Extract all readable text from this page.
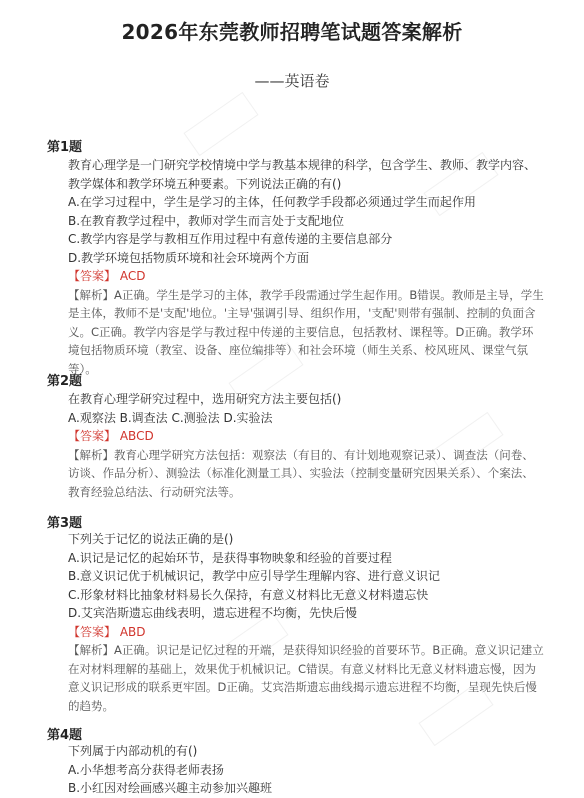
2026年东莞教师招聘笔试题答案解析
——英语卷
第1题

教育心理学是一门研究学校情境中学与教基本规律的科学，包含学生、教师、教学内容、教学媒体和教学环境五种要素。下列说法正确的有()

A.在学习过程中，学生是学习的主体，任何教学手段都必须通过学生而起作用
B.在教育教学过程中，教师对学生而言处于支配地位
C.教学内容是学与教相互作用过程中有意传递的主要信息部分
D.教学环境包括物质环境和社会环境两个方面

【答案】 ACD

【解析】A正确。学生是学习的主体，教学手段需通过学生起作用。B错误。教师是主导，学生是主体，教师不是'支配'地位。'主导'强调引导、组织作用，'支配'则带有强制、控制的负面含义。C正确。教学内容是学与教过程中传递的主要信息，包括教材、课程等。D正确。教学环境包括物质环境（教室、设备、座位编排等）和社会环境（师生关系、校风班风、课堂气氛等）。

第2题

在教育心理学研究过程中，选用研究方法主要包括()

A.观察法 B.调查法 C.测验法 D.实验法

【答案】 ABCD

【解析】教育心理学研究方法包括：观察法（有目的、有计划地观察记录）、调查法（问卷、访谈、作品分析）、测验法（标准化测量工具）、实验法（控制变量研究因果关系）、个案法、教育经验总结法、行动研究法等。

第3题

下列关于记忆的说法正确的是()

A.识记是记忆的起始环节，是获得事物映象和经验的首要过程
B.意义识记优于机械识记，教学中应引导学生理解内容、进行意义识记
C.形象材料比抽象材料易长久保持，有意义材料比无意义材料遗忘快
D.艾宾浩斯遗忘曲线表明，遗忘进程不均衡，先快后慢

【答案】 ABD

【解析】A正确。识记是记忆过程的开端，是获得知识经验的首要环节。B正确。意义识记建立在对材料理解的基础上，效果优于机械识记。C错误。有意义材料比无意义材料遗忘慢，因为意义识记形成的联系更牢固。D正确。艾宾浩斯遗忘曲线揭示遗忘进程不均衡，呈现先快后慢的趋势。

第4题

下列属于内部动机的有()

A.小华想考高分获得老师表扬
B.小红因对绘画感兴趣主动参加兴趣班
